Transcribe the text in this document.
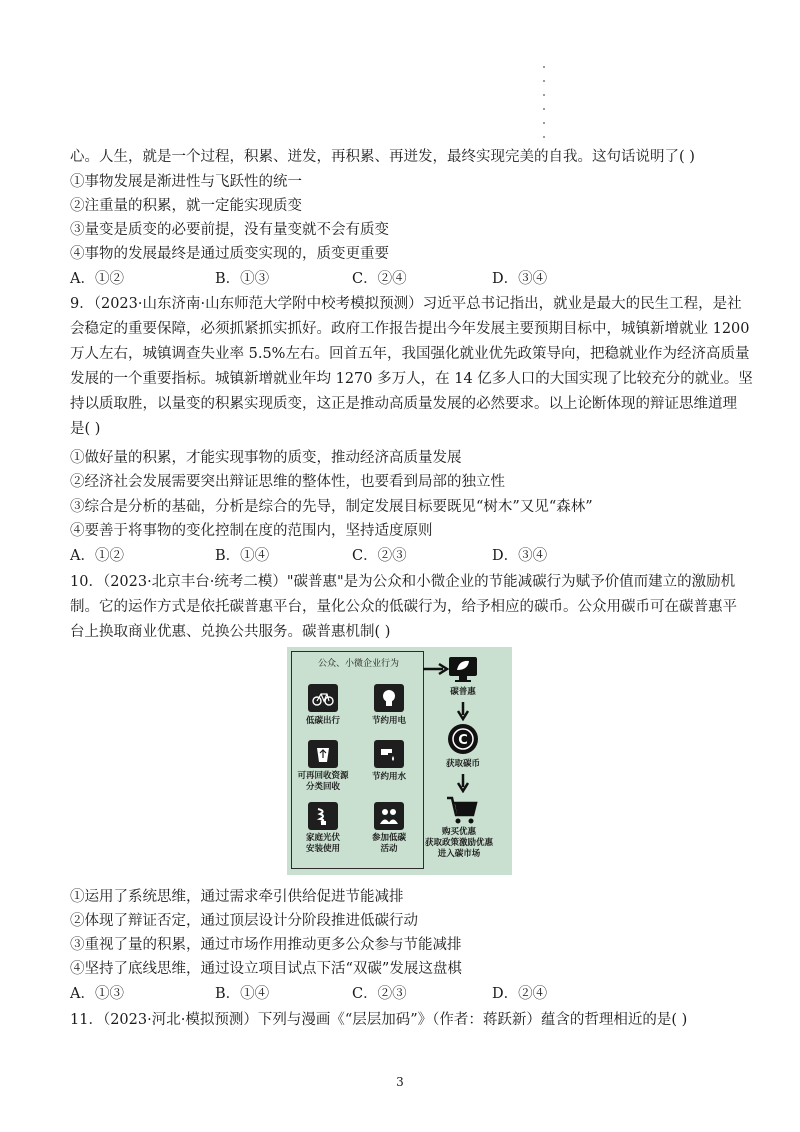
心。人生，就是一个过程，积累、迸发，再积累、再迸发，最终实现完美的自我。这句话说明了( )
①事物发展是渐进性与飞跃性的统一
②注重量的积累，就一定能实现质变
③量变是质变的必要前提，没有量变就不会有质变
④事物的发展最终是通过质变实现的，质变更重要
A．①②	B．①③	C．②④	D．③④
9．（2023·山东济南·山东师范大学附中校考模拟预测）习近平总书记指出，就业是最大的民生工程，是社
会稳定的重要保障，必须抓紧抓实抓好。政府工作报告提出今年发展主要预期目标中，城镇新增就业 1200
万人左右，城镇调查失业率 5.5%左右。回首五年，我国强化就业优先政策导向，把稳就业作为经济高质量
发展的一个重要指标。城镇新增就业年均 1270 多万人，在 14 亿多人口的大国实现了比较充分的就业。坚
持以质取胜，以量变的积累实现质变，这正是推动高质量发展的必然要求。以上论断体现的辩证思维道理
是( )
①做好量的积累，才能实现事物的质变，推动经济高质量发展
②经济社会发展需要突出辩证思维的整体性，也要看到局部的独立性
③综合是分析的基础，分析是综合的先导，制定发展目标要既见“树木”又见“森林”
④要善于将事物的变化控制在度的范围内，坚持适度原则
A．①②	B．①④	C．②③	D．③④
10．（2023·北京丰台·统考二模）"碳普惠"是为公众和小微企业的节能减碳行为赋予价值而建立的激励机
制。它的运作方式是依托碳普惠平台，量化公众的低碳行为，给予相应的碳币。公众用碳币可在碳普惠平
台上换取商业优惠、兑换公共服务。碳普惠机制( )
公众、小微企业行为
低碳出行	节约用电
可再回收资源
分类回收
节约用水
家庭光伏
安装使用
参加低碳
活动
碳普惠
C
获取碳币
购买优惠
获取政策激励优惠
进入碳市场
①运用了系统思维，通过需求牵引供给促进节能减排
②体现了辩证否定，通过顶层设计分阶段推进低碳行动
③重视了量的积累，通过市场作用推动更多公众参与节能减排
④坚持了底线思维，通过设立项目试点下活“双碳”发展这盘棋
A．①③	B．①④	C．②③	D．②④
11．（2023·河北·模拟预测）下列与漫画《“层层加码”》（作者：蒋跃新）蕴含的哲理相近的是( )
3
